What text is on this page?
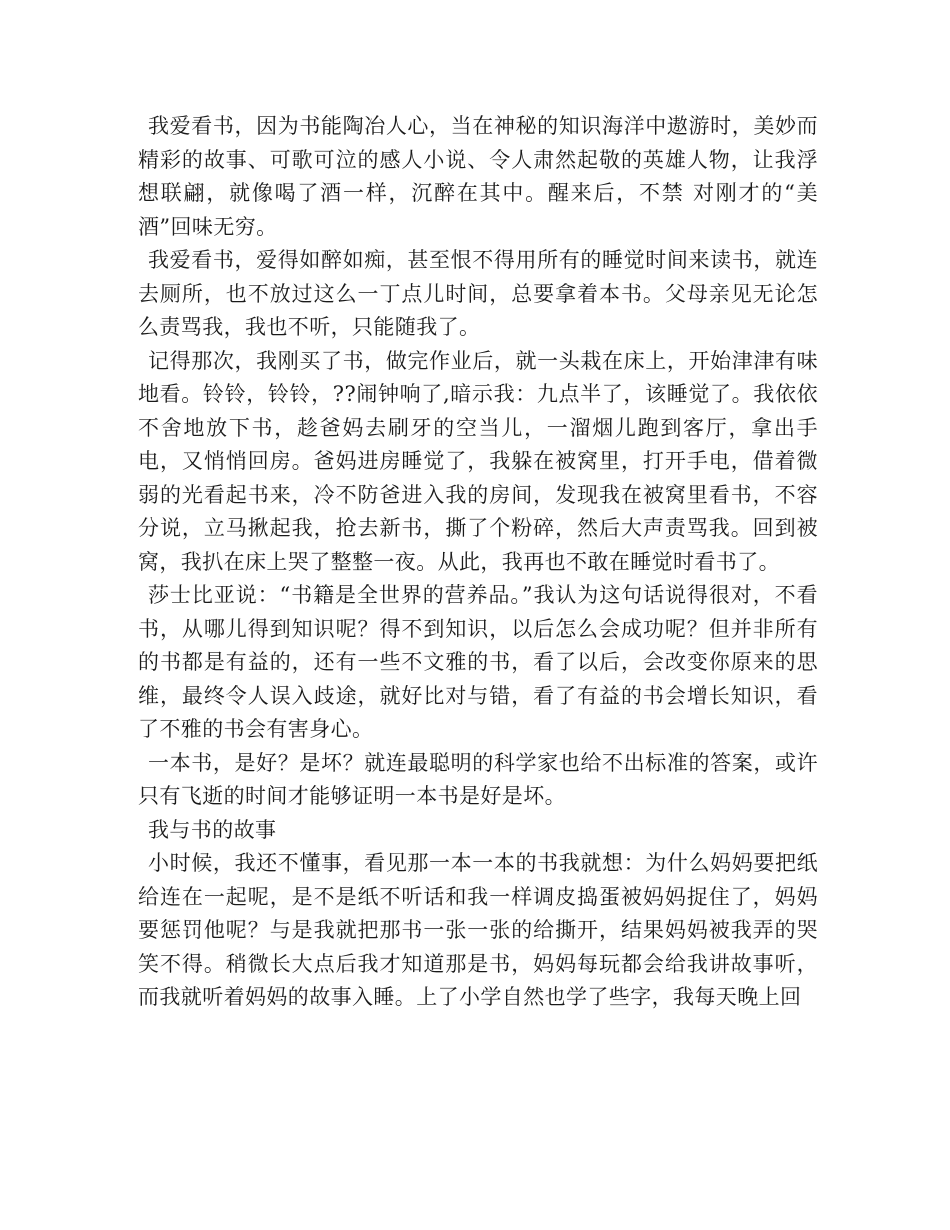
我爱看书，因为书能陶冶人心，当在神秘的知识海洋中遨游时，美妙而精彩的故事、可歌可泣的感人小说、令人肃然起敬的英雄人物，让我浮想联翩，就像喝了酒一样，沉醉在其中。醒来后，不禁 对刚才的“美酒”回味无穷。

我爱看书，爱得如醉如痴，甚至恨不得用所有的睡觉时间来读书，就连去厕所，也不放过这么一丁点儿时间，总要拿着本书。父母亲见无论怎么责骂我，我也不听，只能随我了。

记得那次，我刚买了书，做完作业后，就一头栽在床上，开始津津有味地看。铃铃，铃铃，??闹钟响了,暗示我：九点半了，该睡觉了。我依依不舍地放下书，趁爸妈去刷牙的空当儿，一溜烟儿跑到客厅，拿出手电，又悄悄回房。爸妈进房睡觉了，我躲在被窝里，打开手电，借着微弱的光看起书来，冷不防爸进入我的房间，发现我在被窝里看书，不容分说，立马揪起我，抢去新书，撕了个粉碎，然后大声责骂我。回到被窝，我扒在床上哭了整整一夜。从此，我再也不敢在睡觉时看书了。

莎士比亚说：“书籍是全世界的营养品。”我认为这句话说得很对，不看书，从哪儿得到知识呢？得不到知识，以后怎么会成功呢？但并非所有的书都是有益的，还有一些不文雅的书，看了以后，会改变你原来的思维，最终令人误入歧途，就好比对与错，看了有益的书会增长知识，看了不雅的书会有害身心。

一本书，是好？是坏？就连最聪明的科学家也给不出标准的答案，或许只有飞逝的时间才能够证明一本书是好是坏。

我与书的故事

小时候，我还不懂事，看见那一本一本的书我就想：为什么妈妈要把纸给连在一起呢，是不是纸不听话和我一样调皮捣蛋被妈妈捉住了，妈妈要惩罚他呢？与是我就把那书一张一张的给撕开，结果妈妈被我弄的哭笑不得。稍微长大点后我才知道那是书，妈妈每玩都会给我讲故事听，而我就听着妈妈的故事入睡。上了小学自然也学了些字，我每天晚上回
